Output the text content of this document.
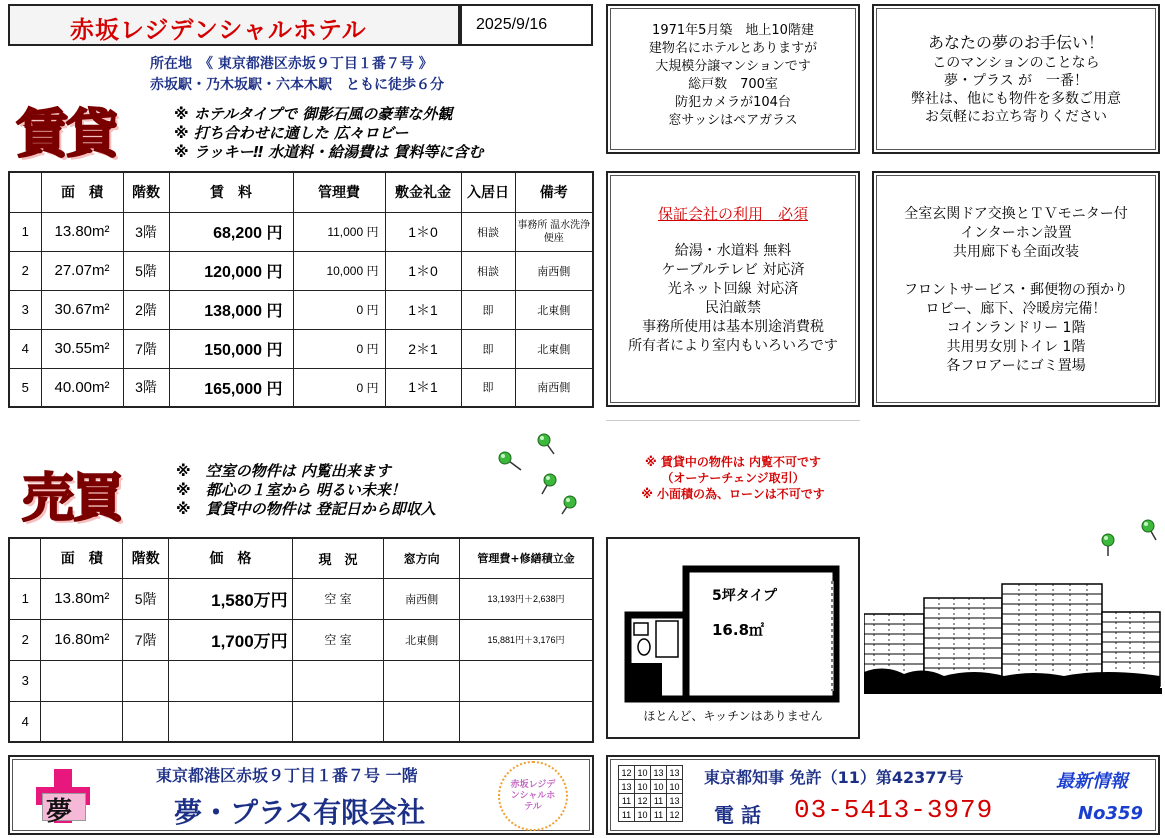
赤坂レジデンシャルホテル	2025/9/16
所在地　《 東京都港区赤坂９丁目１番７号 》
赤坂駅・乃木坂駅・六本木駅　ともに徒歩６分
賃貸	※ ホテルタイプで 御影石風の豪華な外観
※ 打ち合わせに適した 広々ロビー
※ ラッキー‼ 水道料・給湯費は 賃料等に含む
	面　積	階数	賃　料	管理費	敷金礼金	入居日	備考
1	13.80m²	3階	68,200 円	11,000 円	1＊0	相談	事務所 温水洗浄便座
2	27.07m²	5階	120,000 円	10,000 円	1＊0	相談	南西側
3	30.67m²	2階	138,000 円	0 円	1＊1	即	北東側
4	30.55m²	7階	150,000 円	0 円	2＊1	即	北東側
5	40.00m²	3階	165,000 円	0 円	1＊1	即	南西側
1971年5月築　地上10階建
建物名にホテルとありますが
大規模分譲マンションです
総戸数　700室
防犯カメラが104台
窓サッシはペアガラス
あなたの夢のお手伝い！
このマンションのことなら
夢・プラス が　一番！
弊社は、他にも物件を多数ご用意
お気軽にお立ち寄りください
保証会社の利用　必須
給湯・水道料 無料
ケーブルテレビ 対応済
光ネット回線 対応済
民泊厳禁
事務所使用は基本別途消費税
所有者により室内もいろいろです
全室玄関ドア交換とＴＶモニター付
インターホン設置
共用廊下も全面改装
フロントサービス・郵便物の預かり
ロビー、廊下、冷暖房完備！
コインランドリー 1階
共用男女別トイレ 1階
各フロアーにゴミ置場
売買	※　空室の物件は 内覧出来ます
※　都心の１室から 明るい未来！
※　賃貸中の物件は 登記日から即収入
	面　積	階数	価　格	現　況	窓方向	管理費+修繕積立金
1	13.80m²	5階	1,580万円	空 室	南西側	13,193円＋2,638円
2	16.80m²	7階	1,700万円	空 室	北東側	15,881円＋3,176円
3						
4						
※ 賃貸中の物件は 内覧不可です
（オーナーチェンジ取引）
※ 小面積の為、ローンは不可です
5坪タイプ
16.8㎡
ほとんど、キッチンはありません
夢
東京都港区赤坂９丁目１番７号 一階
夢・プラス有限会社
赤坂レジデンシャルホテル
12	10	13	13
13	10	10	10
11	12	11	13
11	10	11	12
東京都知事 免許（11）第42377号
電 話 03-5413-3979
最新情報
No359
